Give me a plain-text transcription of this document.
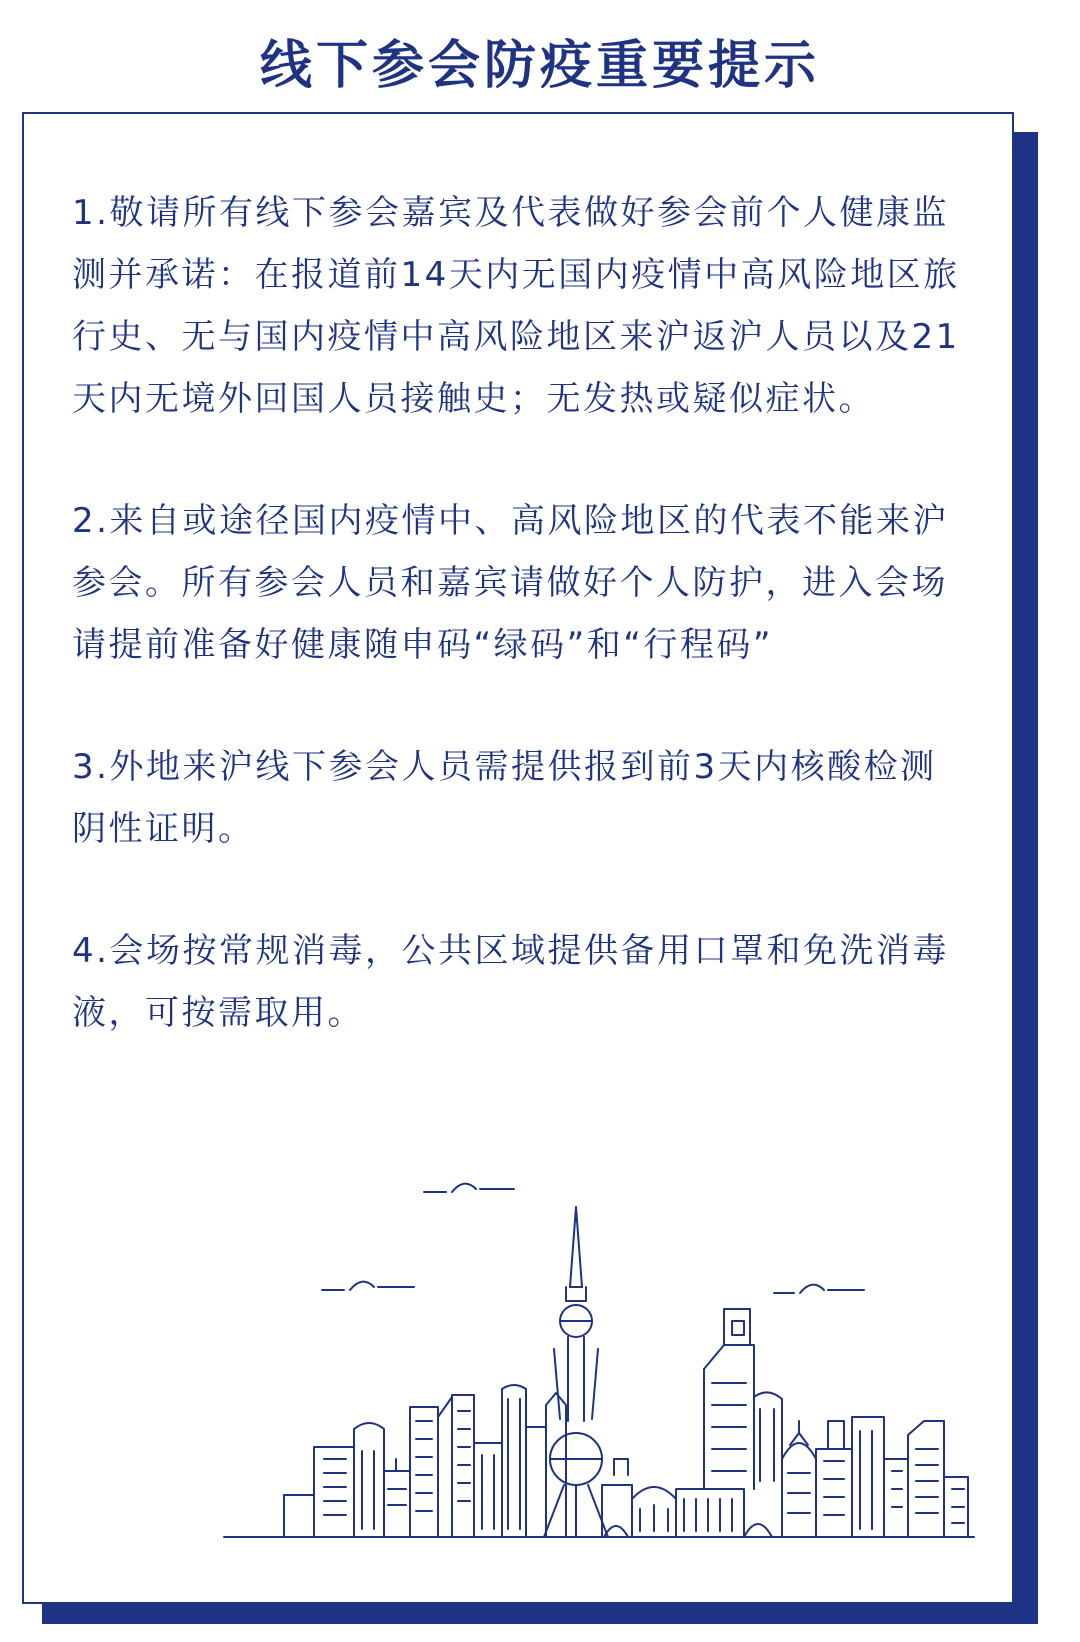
线下参会防疫重要提示
1.敬请所有线下参会嘉宾及代表做好参会前个人健康监测并承诺：在报道前14天内无国内疫情中高风险地区旅行史、无与国内疫情中高风险地区来沪返沪人员以及21天内无境外回国人员接触史；无发热或疑似症状。
2.来自或途径国内疫情中、高风险地区的代表不能来沪参会。所有参会人员和嘉宾请做好个人防护，进入会场请提前准备好健康随申码“绿码”和“行程码”
3.外地来沪线下参会人员需提供报到前3天内核酸检测阴性证明。
4.会场按常规消毒，公共区域提供备用口罩和免洗消毒液，可按需取用。
